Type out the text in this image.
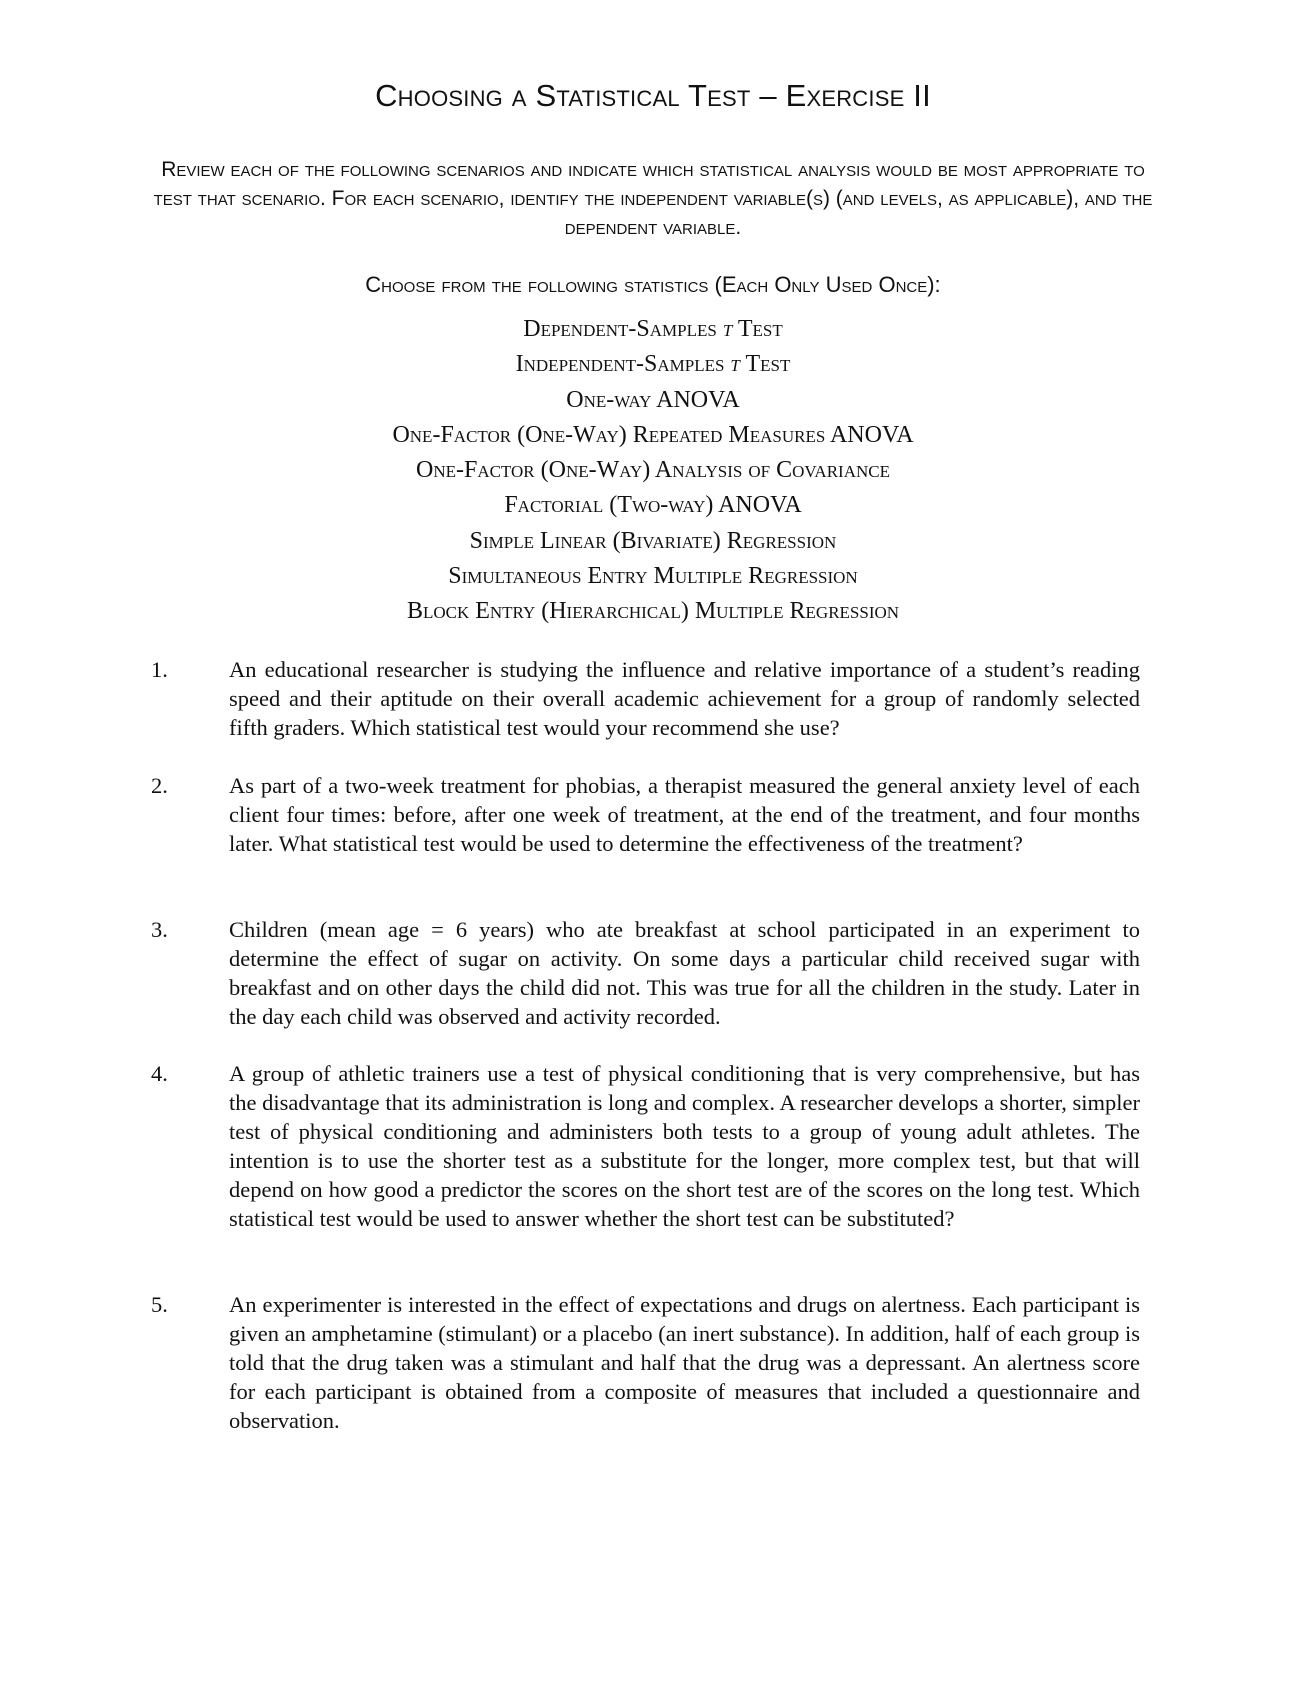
Choosing a Statistical Test – Exercise II

Review each of the following scenarios and indicate which statistical analysis would be most appropriate to test that scenario. For each scenario, identify the independent variable(s) (and levels, as applicable), and the dependent variable.

Choose from the following statistics (Each Only Used Once):

Dependent-Samples t Test
Independent-Samples t Test
One-way ANOVA
One-Factor (One-Way) Repeated Measures ANOVA
One-Factor (One-Way) Analysis of Covariance
Factorial (Two-way) ANOVA
Simple Linear (Bivariate) Regression
Simultaneous Entry Multiple Regression
Block Entry (Hierarchical) Multiple Regression
1.	An educational researcher is studying the influence and relative importance of a student’s reading speed and their aptitude on their overall academic achievement for a group of randomly selected fifth graders. Which statistical test would your recommend she use?

2.	As part of a two-week treatment for phobias, a therapist measured the general anxiety level of each client four times: before, after one week of treatment, at the end of the treatment, and four months later. What statistical test would be used to determine the effectiveness of the treatment?

3.	Children (mean age = 6 years) who ate breakfast at school participated in an experiment to determine the effect of sugar on activity. On some days a particular child received sugar with breakfast and on other days the child did not. This was true for all the children in the study. Later in the day each child was observed and activity recorded.

4.	A group of athletic trainers use a test of physical conditioning that is very comprehensive, but has the disadvantage that its administration is long and complex. A researcher develops a shorter, simpler test of physical conditioning and administers both tests to a group of young adult athletes. The intention is to use the shorter test as a substitute for the longer, more complex test, but that will depend on how good a predictor the scores on the short test are of the scores on the long test. Which statistical test would be used to answer whether the short test can be substituted?

5.	An experimenter is interested in the effect of expectations and drugs on alertness. Each participant is given an amphetamine (stimulant) or a placebo (an inert substance). In addition, half of each group is told that the drug taken was a stimulant and half that the drug was a depressant. An alertness score for each participant is obtained from a composite of measures that included a questionnaire and observation.
